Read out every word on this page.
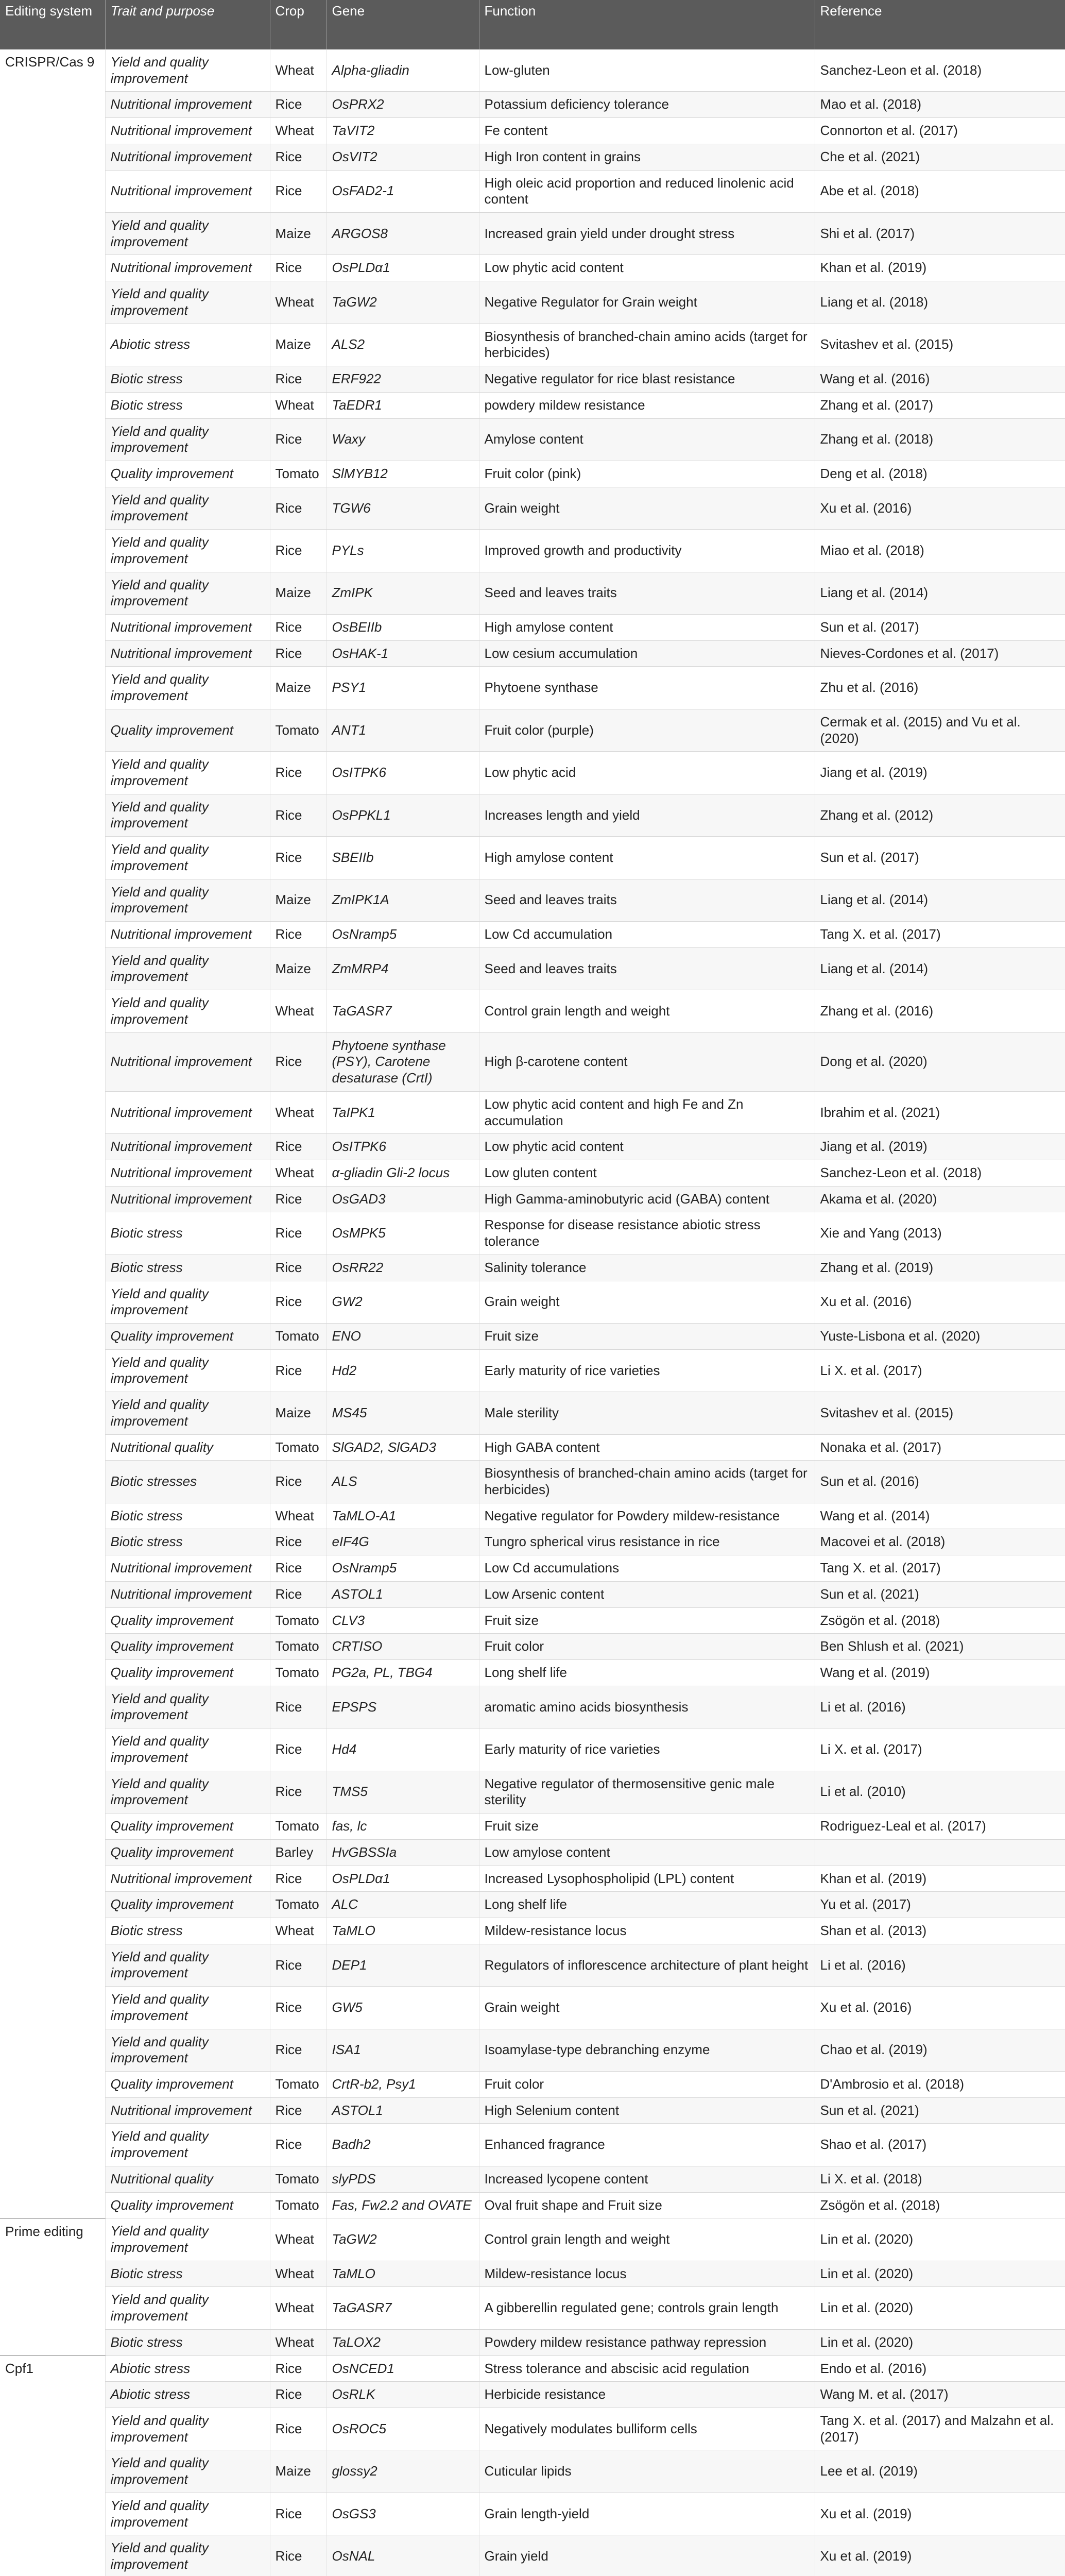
Editing system	Trait and purpose	Crop	Gene	Function	Reference
CRISPR/Cas 9	Yield and quality improvement	Wheat	Alpha-gliadin	Low-gluten	Sanchez-Leon et al. (2018)
	Nutritional improvement	Rice	OsPRX2	Potassium deficiency tolerance	Mao et al. (2018)
	Nutritional improvement	Wheat	TaVIT2	Fe content	Connorton et al. (2017)
	Nutritional improvement	Rice	OsVIT2	High Iron content in grains	Che et al. (2021)
	Nutritional improvement	Rice	OsFAD2-1	High oleic acid proportion and reduced linolenic acid content	Abe et al. (2018)
	Yield and quality improvement	Maize	ARGOS8	Increased grain yield under drought stress	Shi et al. (2017)
	Nutritional improvement	Rice	OsPLDα1	Low phytic acid content	Khan et al. (2019)
	Yield and quality improvement	Wheat	TaGW2	Negative Regulator for Grain weight	Liang et al. (2018)
	Abiotic stress	Maize	ALS2	Biosynthesis of branched-chain amino acids (target for herbicides)	Svitashev et al. (2015)
	Biotic stress	Rice	ERF922	Negative regulator for rice blast resistance	Wang et al. (2016)
	Biotic stress	Wheat	TaEDR1	powdery mildew resistance	Zhang et al. (2017)
	Yield and quality improvement	Rice	Waxy	Amylose content	Zhang et al. (2018)
	Quality improvement	Tomato	SlMYB12	Fruit color (pink)	Deng et al. (2018)
	Yield and quality improvement	Rice	TGW6	Grain weight	Xu et al. (2016)
	Yield and quality improvement	Rice	PYLs	Improved growth and productivity	Miao et al. (2018)
	Yield and quality improvement	Maize	ZmIPK	Seed and leaves traits	Liang et al. (2014)
	Nutritional improvement	Rice	OsBEIIb	High amylose content	Sun et al. (2017)
	Nutritional improvement	Rice	OsHAK-1	Low cesium accumulation	Nieves-Cordones et al. (2017)
	Yield and quality improvement	Maize	PSY1	Phytoene synthase	Zhu et al. (2016)
	Quality improvement	Tomato	ANT1	Fruit color (purple)	Cermak et al. (2015) and Vu et al. (2020)
	Yield and quality improvement	Rice	OsITPK6	Low phytic acid	Jiang et al. (2019)
	Yield and quality improvement	Rice	OsPPKL1	Increases length and yield	Zhang et al. (2012)
	Yield and quality improvement	Rice	SBEIIb	High amylose content	Sun et al. (2017)
	Yield and quality improvement	Maize	ZmIPK1A	Seed and leaves traits	Liang et al. (2014)
	Nutritional improvement	Rice	OsNramp5	Low Cd accumulation	Tang X. et al. (2017)
	Yield and quality improvement	Maize	ZmMRP4	Seed and leaves traits	Liang et al. (2014)
	Yield and quality improvement	Wheat	TaGASR7	Control grain length and weight	Zhang et al. (2016)
	Nutritional improvement	Rice	Phytoene synthase (PSY), Carotene desaturase (CrtI)	High β-carotene content	Dong et al. (2020)
	Nutritional improvement	Wheat	TaIPK1	Low phytic acid content and high Fe and Zn accumulation	Ibrahim et al. (2021)
	Nutritional improvement	Rice	OsITPK6	Low phytic acid content	Jiang et al. (2019)
	Nutritional improvement	Wheat	α-gliadin Gli-2 locus	Low gluten content	Sanchez-Leon et al. (2018)
	Nutritional improvement	Rice	OsGAD3	High Gamma-aminobutyric acid (GABA) content	Akama et al. (2020)
	Biotic stress	Rice	OsMPK5	Response for disease resistance abiotic stress tolerance	Xie and Yang (2013)
	Biotic stress	Rice	OsRR22	Salinity tolerance	Zhang et al. (2019)
	Yield and quality improvement	Rice	GW2	Grain weight	Xu et al. (2016)
	Quality improvement	Tomato	ENO	Fruit size	Yuste-Lisbona et al. (2020)
	Yield and quality improvement	Rice	Hd2	Early maturity of rice varieties	Li X. et al. (2017)
	Yield and quality improvement	Maize	MS45	Male sterility	Svitashev et al. (2015)
	Nutritional quality	Tomato	SlGAD2, SlGAD3	High GABA content	Nonaka et al. (2017)
	Biotic stresses	Rice	ALS	Biosynthesis of branched-chain amino acids (target for herbicides)	Sun et al. (2016)
	Biotic stress	Wheat	TaMLO-A1	Negative regulator for Powdery mildew-resistance	Wang et al. (2014)
	Biotic stress	Rice	eIF4G	Tungro spherical virus resistance in rice	Macovei et al. (2018)
	Nutritional improvement	Rice	OsNramp5	Low Cd accumulations	Tang X. et al. (2017)
	Nutritional improvement	Rice	ASTOL1	Low Arsenic content	Sun et al. (2021)
	Quality improvement	Tomato	CLV3	Fruit size	Zsögön et al. (2018)
	Quality improvement	Tomato	CRTISO	Fruit color	Ben Shlush et al. (2021)
	Quality improvement	Tomato	PG2a, PL, TBG4	Long shelf life	Wang et al. (2019)
	Yield and quality improvement	Rice	EPSPS	aromatic amino acids biosynthesis	Li et al. (2016)
	Yield and quality improvement	Rice	Hd4	Early maturity of rice varieties	Li X. et al. (2017)
	Yield and quality improvement	Rice	TMS5	Negative regulator of thermosensitive genic male sterility	Li et al. (2010)
	Quality improvement	Tomato	fas, lc	Fruit size	Rodriguez-Leal et al. (2017)
	Quality improvement	Barley	HvGBSSIa	Low amylose content	
	Nutritional improvement	Rice	OsPLDα1	Increased Lysophospholipid (LPL) content	Khan et al. (2019)
	Quality improvement	Tomato	ALC	Long shelf life	Yu et al. (2017)
	Biotic stress	Wheat	TaMLO	Mildew-resistance locus	Shan et al. (2013)
	Yield and quality improvement	Rice	DEP1	Regulators of inflorescence architecture of plant height	Li et al. (2016)
	Yield and quality improvement	Rice	GW5	Grain weight	Xu et al. (2016)
	Yield and quality improvement	Rice	ISA1	Isoamylase-type debranching enzyme	Chao et al. (2019)
	Quality improvement	Tomato	CrtR-b2, Psy1	Fruit color	D'Ambrosio et al. (2018)
	Nutritional improvement	Rice	ASTOL1	High Selenium content	Sun et al. (2021)
	Yield and quality improvement	Rice	Badh2	Enhanced fragrance	Shao et al. (2017)
	Nutritional quality	Tomato	slyPDS	Increased lycopene content	Li X. et al. (2018)
	Quality improvement	Tomato	Fas, Fw2.2 and OVATE	Oval fruit shape and Fruit size	Zsögön et al. (2018)
Prime editing	Yield and quality improvement	Wheat	TaGW2	Control grain length and weight	Lin et al. (2020)
	Biotic stress	Wheat	TaMLO	Mildew-resistance locus	Lin et al. (2020)
	Yield and quality improvement	Wheat	TaGASR7	A gibberellin regulated gene; controls grain length	Lin et al. (2020)
	Biotic stress	Wheat	TaLOX2	Powdery mildew resistance pathway repression	Lin et al. (2020)
Cpf1	Abiotic stress	Rice	OsNCED1	Stress tolerance and abscisic acid regulation	Endo et al. (2016)
	Abiotic stress	Rice	OsRLK	Herbicide resistance	Wang M. et al. (2017)
	Yield and quality improvement	Rice	OsROC5	Negatively modulates bulliform cells	Tang X. et al. (2017) and Malzahn et al. (2017)
	Yield and quality improvement	Maize	glossy2	Cuticular lipids	Lee et al. (2019)
	Yield and quality improvement	Rice	OsGS3	Grain length-yield	Xu et al. (2019)
	Yield and quality improvement	Rice	OsNAL	Grain yield	Xu et al. (2019)
